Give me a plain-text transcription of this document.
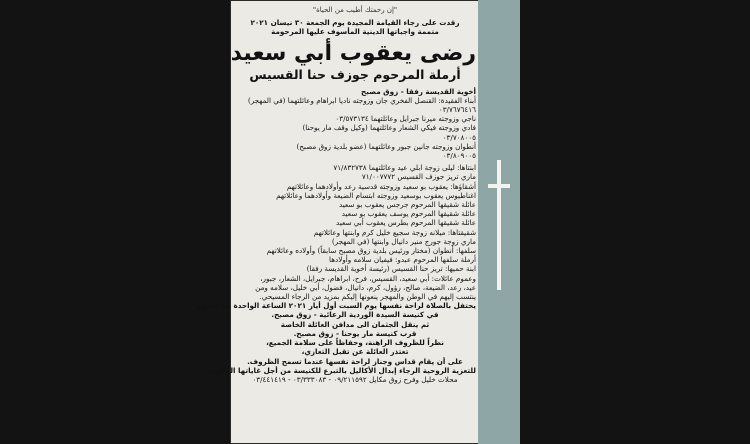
"إن رحمتك أطيب من الحياة"
رقدت على رجاء القيامة المجيدة يوم الجمعة ٣٠ نيسان ٢٠٢١
متممة واجباتها الدينية المأسوف عليها المرحومة
رضى يعقوب أبي سعيد
أرملة المرحوم جوزف حنا القسيس
أخوية القديسة رفقا - زوق مصبح
أبناء الفقيدة: القنصل الفخري جان وزوجته ناديا ابراهام وعائلتهما (في المهجر)
٠٣/٧٦٧٦٤١٦
ناجي وزوجته ميرنا جبرايل وعائلتهما ٠٣/٥٧٣١٣٤
فادي وزوجته فيكي الشعار وعائلتهما (وكيل وقف مار يوحنا)
٠٣/٧٠٨٠٠٥
أنطوان وزوجته جانين جبور وعائلتهما (عضو بلدية زوق مصبح)
٠٣/٨٠٩٠٠٥
ابنتاها: ليلى زوجة ابلي عيد وعائلتهما ٧١/٨٣٢٧٣٨
ماري تريز جوزف القسيس ٧١/٠٠٧٧٧٢
أشقاؤها: يعقوب بو سعيد وزوجته قدسية رعد وأولادهما وعائلاتهم
اغناطيوس يعقوب بوسعيد وزوجته ابتسام الضيعة وأولادهما وعائلاتهم
عائلة شقيقها المرحوم جرجس يعقوب بو سعيد
عائلة شقيقها المرحوم يوسف يعقوب بو سعيد
عائلة شقيقها المرحوم بطرس يعقوب أبي سعيد
شقيقتاها: ميلانه زوجة سجيع خليل كرم وابنتها وعائلاتهم
ماري زوجة جورج منير دانيال وابنتها (في المهجر)
سلفها: أنطوان (مختار ورئيس بلدية زوق مصبح سابقاً) وأولاده وعائلاتهم
أرملة سلفها المرحوم عبدو: فيفيان سلامه وأولادها
ابنة حميها: تريز حنا القسيس (رئيسة أخوية القديسة رفقا)
وعموم عائلات: أبي سعيد، القسيس، فرح، ابراهام، جبرايل، الشعار، جبور،
عيد، رعد، الضيعة، صالح، رؤول، كرم، دانيال، فضول، أبي خليل، سلامه ومن
ينتسب إليهم في الوطن والمهجر ينعونها إليكم بمزيد من الرجاء المسيحي.
يحتفل بالصلاة لراحة نفسها يوم السبت أول أيار ٢٠٢١ الساعة الواحدة بعد الظهر
في كنيسة السيدة الوردية الرعائية - زوق مصبح.
ثم ينقل الجثمان الى مدافن العائلة الخاصة
قرب كنيسة مار يوحنا - زوق مصبح.
نظراً للظروف الراهنة، وحفاظاً على سلامة الجميع،
تعتذر العائلة عن تقبل التعازي،
على أن يقام قداس وجناز لراحة نفسها عندما تسمح الظروف.
للتعزية الروحية الرجاء إبدال الأكاليل بالتبرع للكنيسة من أجل غاياتها الرعوية.
محلات خليل وفرح زوق مكايل ٠٩/٢١١٥٩٢ - ٠٣/٣٣٣٠٨٣ - ٠٣/٤٤١٤١٩
